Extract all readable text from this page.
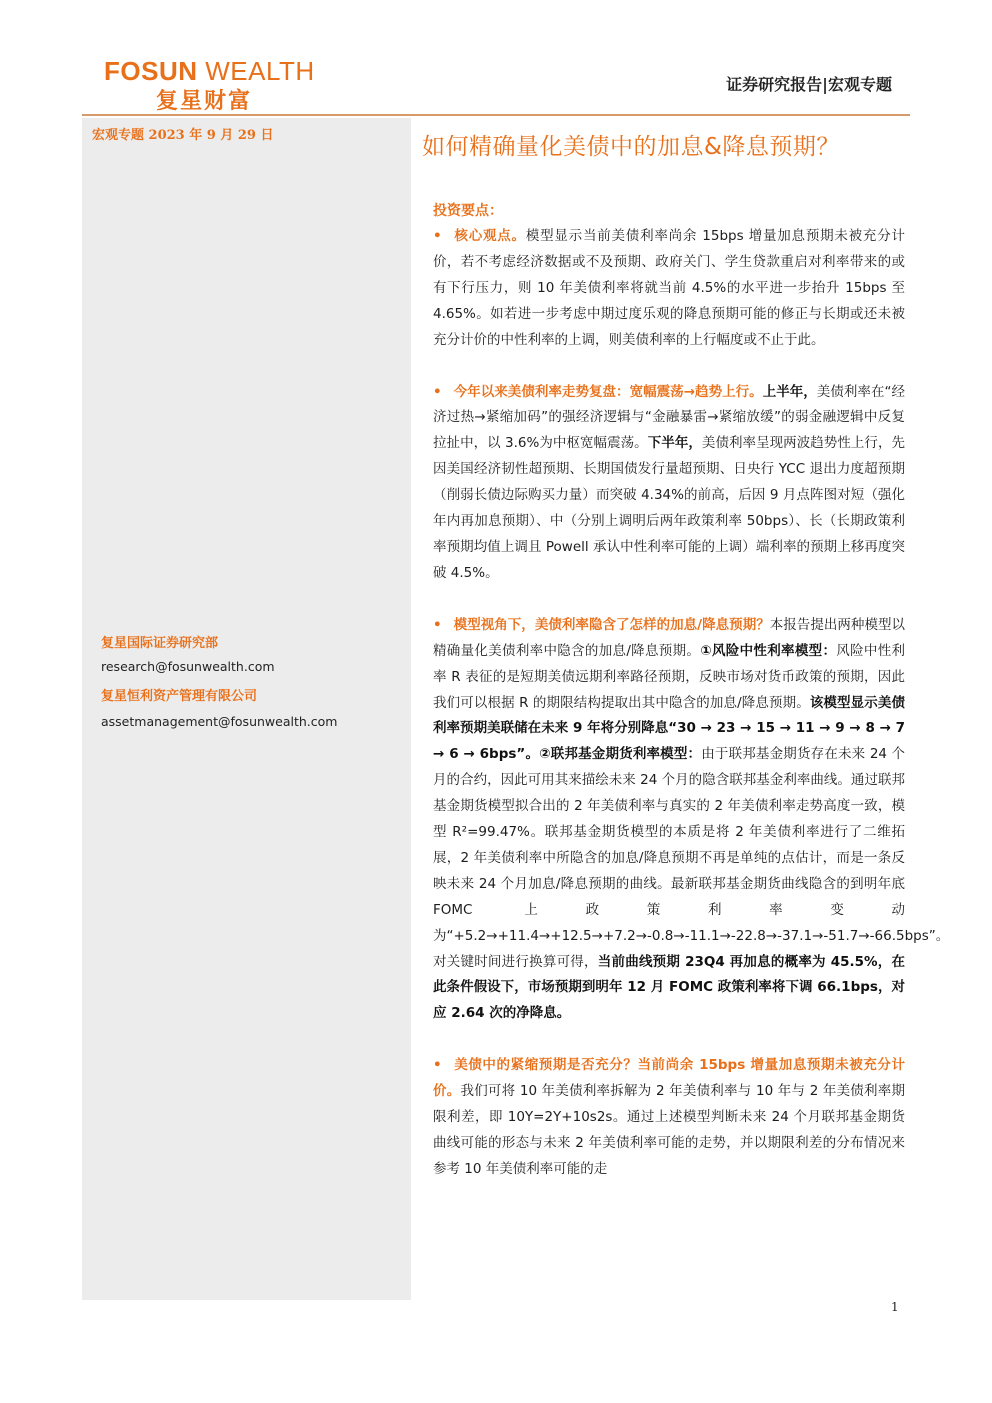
FOSUN WEALTH
复星财富
证券研究报告|宏观专题
宏观专题 2023 年 9 月 29 日
复星国际证券研究部
research@fosunwealth.com
复星恒利资产管理有限公司
assetmanagement@fosunwealth.com
如何精确量化美债中的加息&降息预期？
投资要点：

• 核心观点。模型显示当前美债利率尚余 15bps 增量加息预期未被充分计价，若不考虑经济数据或不及预期、政府关门、学生贷款重启对利率带来的或有下行压力，则 10 年美债利率将就当前 4.5%的水平进一步抬升 15bps 至 4.65%。如若进一步考虑中期过度乐观的降息预期可能的修正与长期或还未被充分计价的中性利率的上调，则美债利率的上行幅度或不止于此。

• 今年以来美债利率走势复盘：宽幅震荡→趋势上行。上半年，美债利率在“经济过热→紧缩加码”的强经济逻辑与“金融暴雷→紧缩放缓”的弱金融逻辑中反复拉扯中，以 3.6%为中枢宽幅震荡。下半年，美债利率呈现两波趋势性上行，先因美国经济韧性超预期、长期国债发行量超预期、日央行 YCC 退出力度超预期（削弱长债边际购买力量）而突破 4.34%的前高，后因 9 月点阵图对短（强化年内再加息预期）、中（分别上调明后两年政策利率 50bps）、长（长期政策利率预期均值上调且 Powell 承认中性利率可能的上调）端利率的预期上移再度突破 4.5%。

• 模型视角下，美债利率隐含了怎样的加息/降息预期？本报告提出两种模型以精确量化美债利率中隐含的加息/降息预期。①风险中性利率模型：风险中性利率 R 表征的是短期美债远期利率路径预期，反映市场对货币政策的预期，因此我们可以根据 R 的期限结构提取出其中隐含的加息/降息预期。该模型显示美债利率预期美联储在未来 9 年将分别降息“30 → 23 → 15 → 11 → 9 → 8 → 7 → 6 → 6bps”。②联邦基金期货利率模型：由于联邦基金期货存在未来 24 个月的合约，因此可用其来描绘未来 24 个月的隐含联邦基金利率曲线。通过联邦基金期货模型拟合出的 2 年美债利率与真实的 2 年美债利率走势高度一致，模型 R²=99.47%。联邦基金期货模型的本质是将 2 年美债利率进行了二维拓展，2 年美债利率中所隐含的加息/降息预期不再是单纯的点估计，而是一条反映未来 24 个月加息/降息预期的曲线。最新联邦基金期货曲线隐含的到明年底 FOMC 上政策利率变动为“+5.2→+11.4→+12.5→+7.2→-0.8→-11.1→-22.8→-37.1→-51.7→-66.5bps”。对关键时间进行换算可得，当前曲线预期 23Q4 再加息的概率为 45.5%，在此条件假设下，市场预期到明年 12 月 FOMC 政策利率将下调 66.1bps，对应 2.64 次的净降息。

• 美债中的紧缩预期是否充分？当前尚余 15bps 增量加息预期未被充分计价。我们可将 10 年美债利率拆解为 2 年美债利率与 10 年与 2 年美债利率期限利差，即 10Y=2Y+10s2s。通过上述模型判断未来 24 个月联邦基金期货曲线可能的形态与未来 2 年美债利率可能的走势，并以期限利差的分布情况来参考 10 年美债利率可能的走

1
